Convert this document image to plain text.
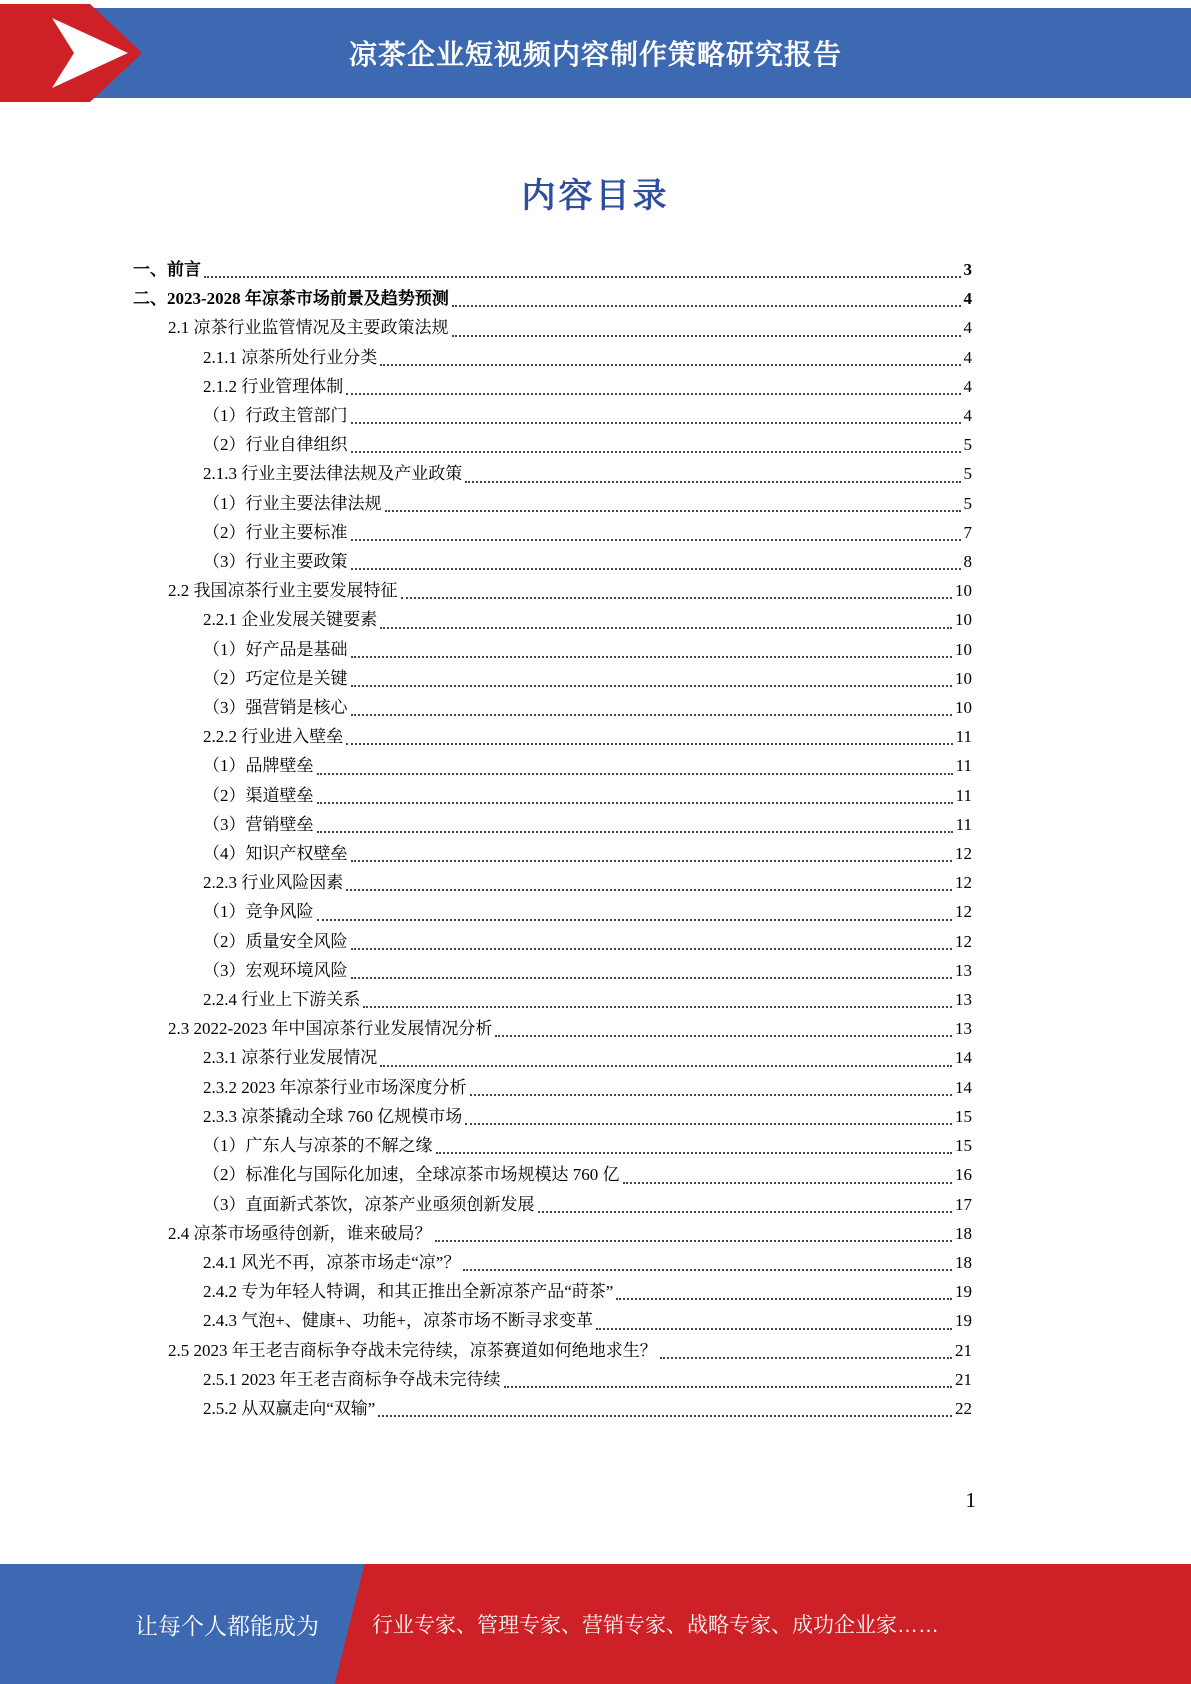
凉茶企业短视频内容制作策略研究报告
内容目录
一、前言	3
二、2023-2028 年凉茶市场前景及趋势预测	4
2.1 凉茶行业监管情况及主要政策法规	4
2.1.1 凉茶所处行业分类	4
2.1.2 行业管理体制	4
（1）行政主管部门	4
（2）行业自律组织	5
2.1.3 行业主要法律法规及产业政策	5
（1）行业主要法律法规	5
（2）行业主要标准	7
（3）行业主要政策	8
2.2 我国凉茶行业主要发展特征	10
2.2.1 企业发展关键要素	10
（1）好产品是基础	10
（2）巧定位是关键	10
（3）强营销是核心	10
2.2.2 行业进入壁垒	11
（1）品牌壁垒	11
（2）渠道壁垒	11
（3）营销壁垒	11
（4）知识产权壁垒	12
2.2.3 行业风险因素	12
（1）竞争风险	12
（2）质量安全风险	12
（3）宏观环境风险	13
2.2.4 行业上下游关系	13
2.3 2022-2023 年中国凉茶行业发展情况分析	13
2.3.1 凉茶行业发展情况	14
2.3.2 2023 年凉茶行业市场深度分析	14
2.3.3 凉茶撬动全球 760 亿规模市场	15
（1）广东人与凉茶的不解之缘	15
（2）标准化与国际化加速，全球凉茶市场规模达 760 亿	16
（3）直面新式茶饮，凉茶产业亟须创新发展	17
2.4 凉茶市场亟待创新，谁来破局？	18
2.4.1 风光不再，凉茶市场走“凉”？	18
2.4.2 专为年轻人特调，和其正推出全新凉茶产品“莳茶”	19
2.4.3 气泡+、健康+、功能+，凉茶市场不断寻求变革	19
2.5 2023 年王老吉商标争夺战未完待续，凉茶赛道如何绝地求生？	21
2.5.1 2023 年王老吉商标争夺战未完待续	21
2.5.2 从双赢走向“双输”	22
1
让每个人都能成为	行业专家、管理专家、营销专家、战略专家、成功企业家……
